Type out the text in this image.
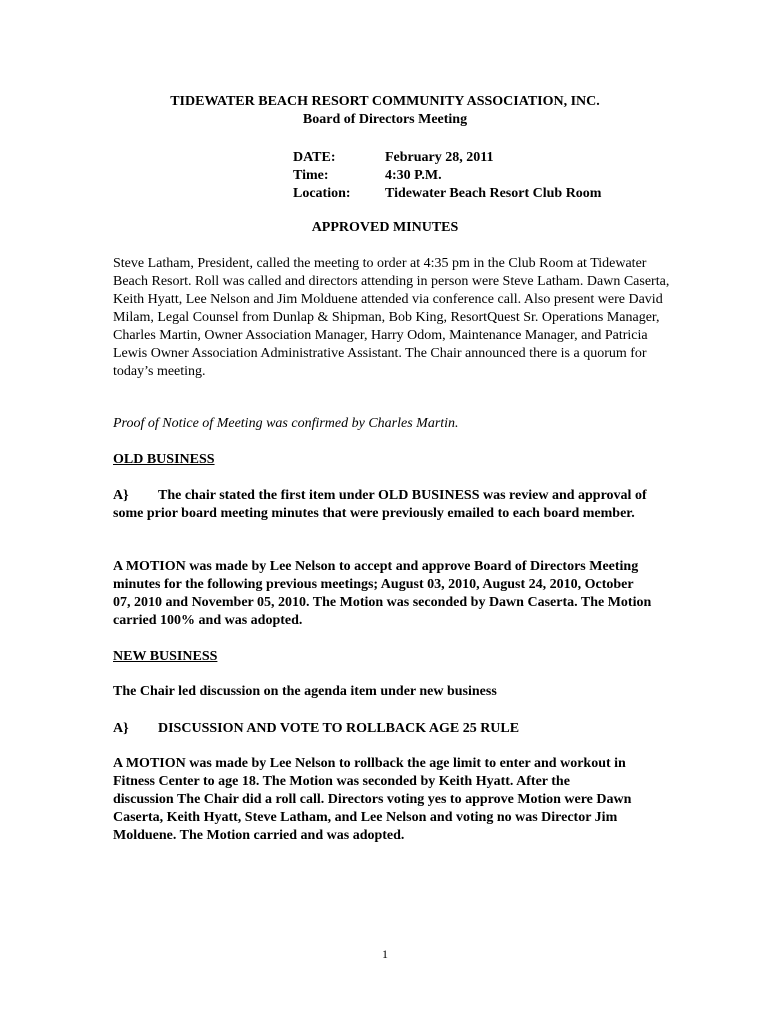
TIDEWATER BEACH RESORT COMMUNITY ASSOCIATION, INC.
Board of Directors Meeting
DATE:	February 28, 2011
Time:	4:30 P.M.
Location:	Tidewater Beach Resort Club Room
APPROVED MINUTES

Steve Latham, President, called the meeting to order at 4:35 pm in the Club Room at Tidewater Beach Resort. Roll was called and directors attending in person were Steve Latham. Dawn Caserta, Keith Hyatt, Lee Nelson and Jim Molduene attended via conference call. Also present were David Milam, Legal Counsel from Dunlap & Shipman, Bob King, ResortQuest Sr. Operations Manager, Charles Martin, Owner Association Manager, Harry Odom, Maintenance Manager, and Patricia Lewis Owner Association Administrative Assistant. The Chair announced there is a quorum for today’s meeting.

Proof of Notice of Meeting was confirmed by Charles Martin.

OLD BUSINESS

A} The chair stated the first item under OLD BUSINESS was review and approval of some prior board meeting minutes that were previously emailed to each board member.

A MOTION was made by Lee Nelson to accept and approve Board of Directors Meeting minutes for the following previous meetings; August 03, 2010, August 24, 2010, October 07, 2010 and November 05, 2010. The Motion was seconded by Dawn Caserta. The Motion carried 100% and was adopted.

NEW BUSINESS

The Chair led discussion on the agenda item under new business

A} DISCUSSION AND VOTE TO ROLLBACK AGE 25 RULE

A MOTION was made by Lee Nelson to rollback the age limit to enter and workout in Fitness Center to age 18. The Motion was seconded by Keith Hyatt. After the discussion The Chair did a roll call. Directors voting yes to approve Motion were Dawn Caserta, Keith Hyatt, Steve Latham, and Lee Nelson and voting no was Director Jim Molduene. The Motion carried and was adopted.

1
